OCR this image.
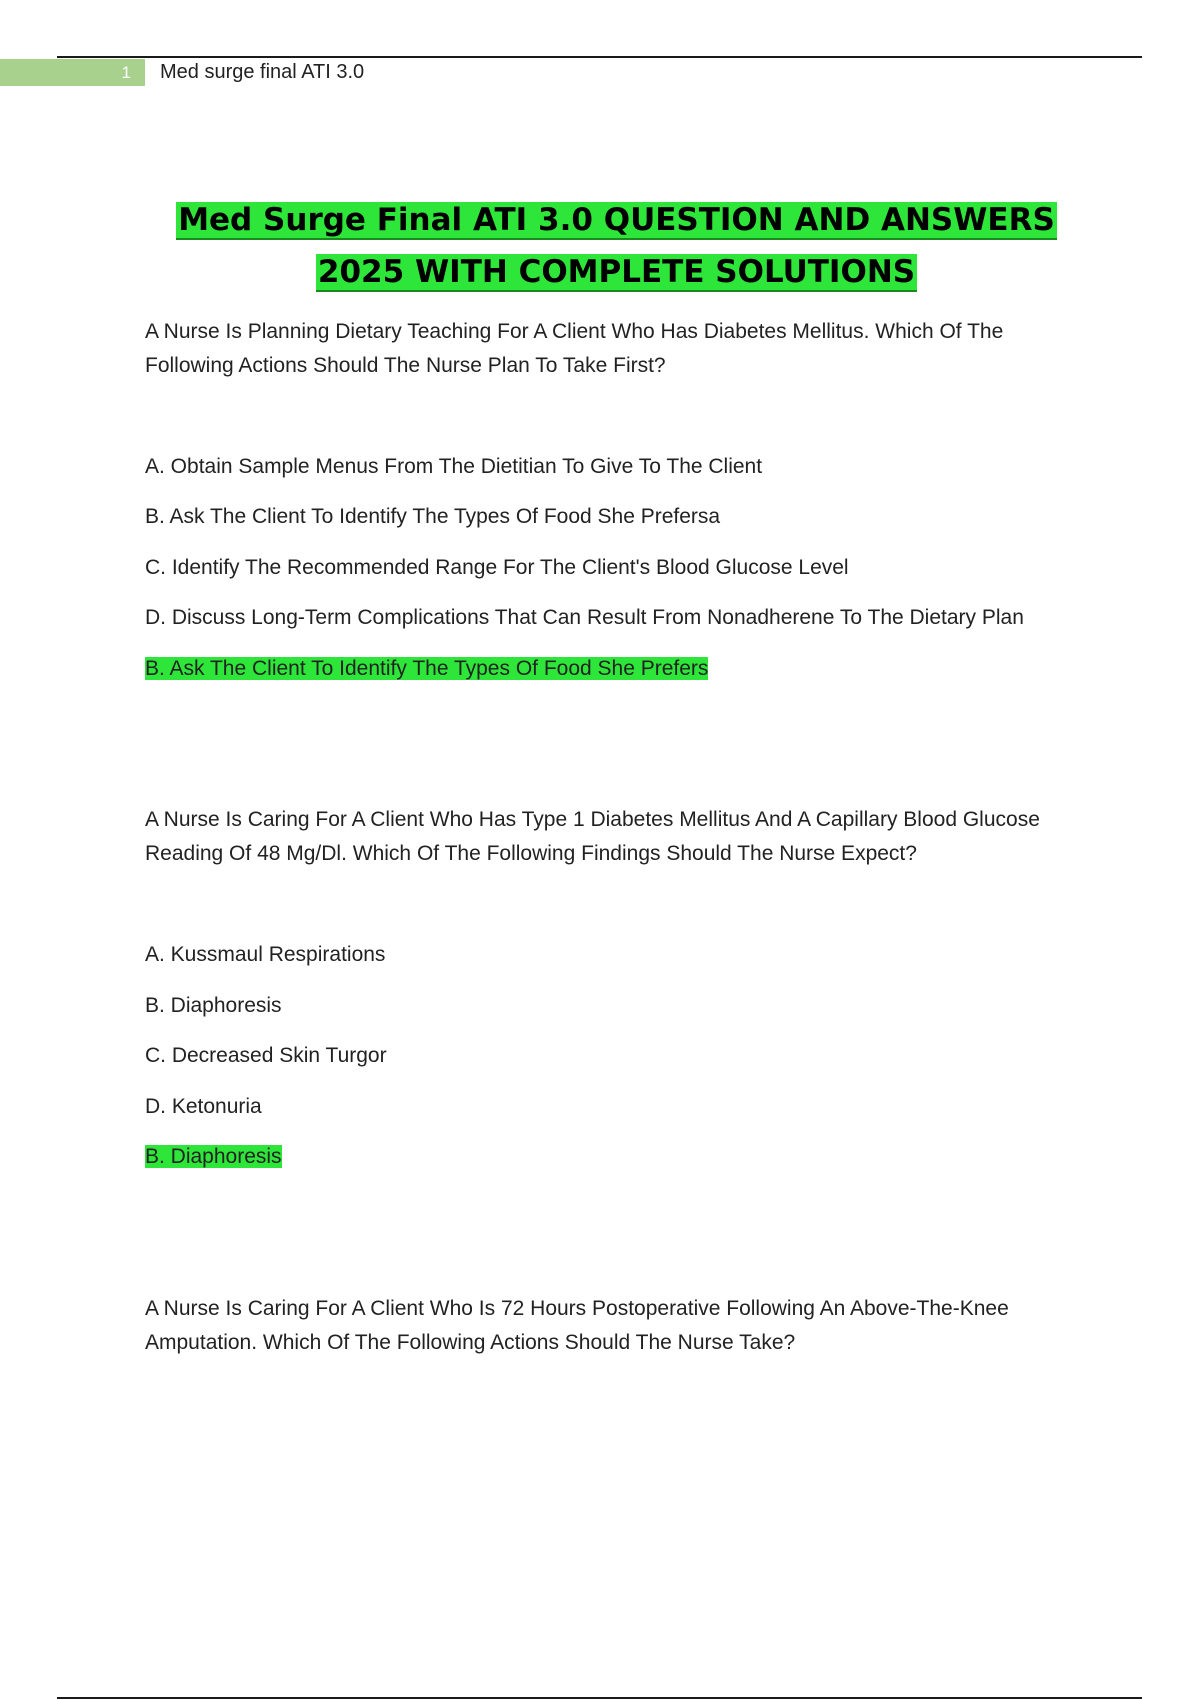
1	Med surge final ATI 3.0
Med Surge Final ATI 3.0 QUESTION AND ANSWERS
2025 WITH COMPLETE SOLUTIONS
A Nurse Is Planning Dietary Teaching For A Client Who Has Diabetes Mellitus. Which Of The Following Actions Should The Nurse Plan To Take First?
A. Obtain Sample Menus From The Dietitian To Give To The Client
B. Ask The Client To Identify The Types Of Food She Prefersa
C. Identify The Recommended Range For The Client's Blood Glucose Level
D. Discuss Long-Term Complications That Can Result From Nonadherene To The Dietary Plan
B. Ask The Client To Identify The Types Of Food She Prefers
A Nurse Is Caring For A Client Who Has Type 1 Diabetes Mellitus And A Capillary Blood Glucose Reading Of 48 Mg/Dl. Which Of The Following Findings Should The Nurse Expect?
A. Kussmaul Respirations
B. Diaphoresis
C. Decreased Skin Turgor
D. Ketonuria
B. Diaphoresis
A Nurse Is Caring For A Client Who Is 72 Hours Postoperative Following An Above-The-Knee Amputation. Which Of The Following Actions Should The Nurse Take?
